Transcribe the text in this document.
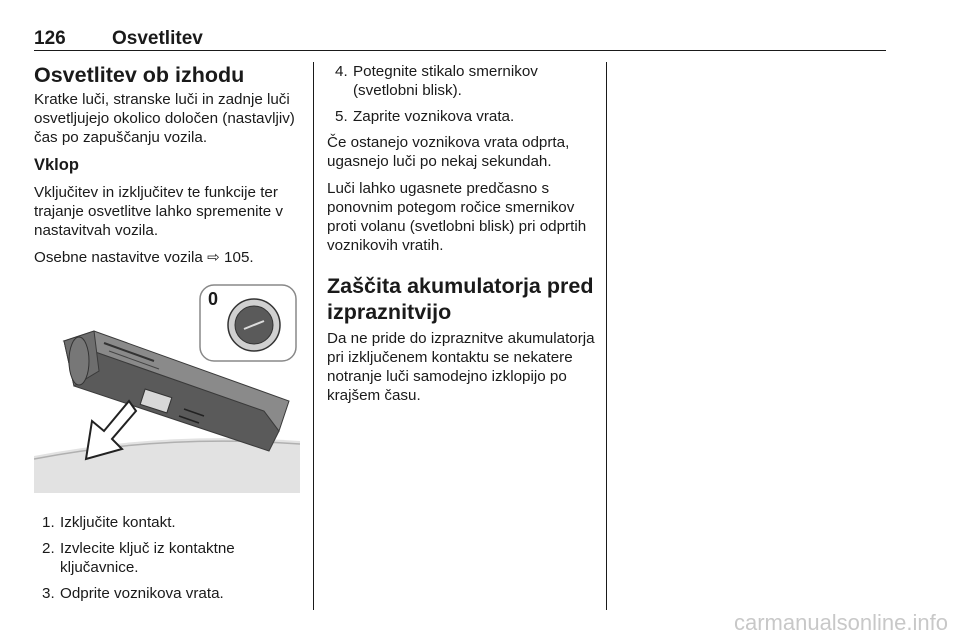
126 Osvetlitev
Osvetlitev ob izhodu

Kratke luči, stranske luči in zadnje luči osvetljujejo okolico določen (nastavljiv) čas po zapuščanju vozila.

Vklop

Vključitev in izključitev te funkcije ter trajanje osvetlitve lahko spremenite v nastavitvah vozila.

Osebne nastavitve vozila ⇨ 105.

0
1. Izključite kontakt.
2. Izvlecite ključ iz kontaktne ključavnice.
3. Odprite voznikova vrata.
4. Potegnite stikalo smernikov (svetlobni blisk).
5. Zaprite voznikova vrata.

Če ostanejo voznikova vrata odprta, ugasnejo luči po nekaj sekundah.

Luči lahko ugasnete predčasno s ponovnim potegom ročice smernikov proti volanu (svetlobni blisk) pri odprtih voznikovih vratih.

Zaščita akumulatorja pred izpraznitvijo

Da ne pride do izpraznitve akumulatorja pri izključenem kontaktu se nekatere notranje luči samodejno izklopijo po krajšem času.

carmanualsonline.info
